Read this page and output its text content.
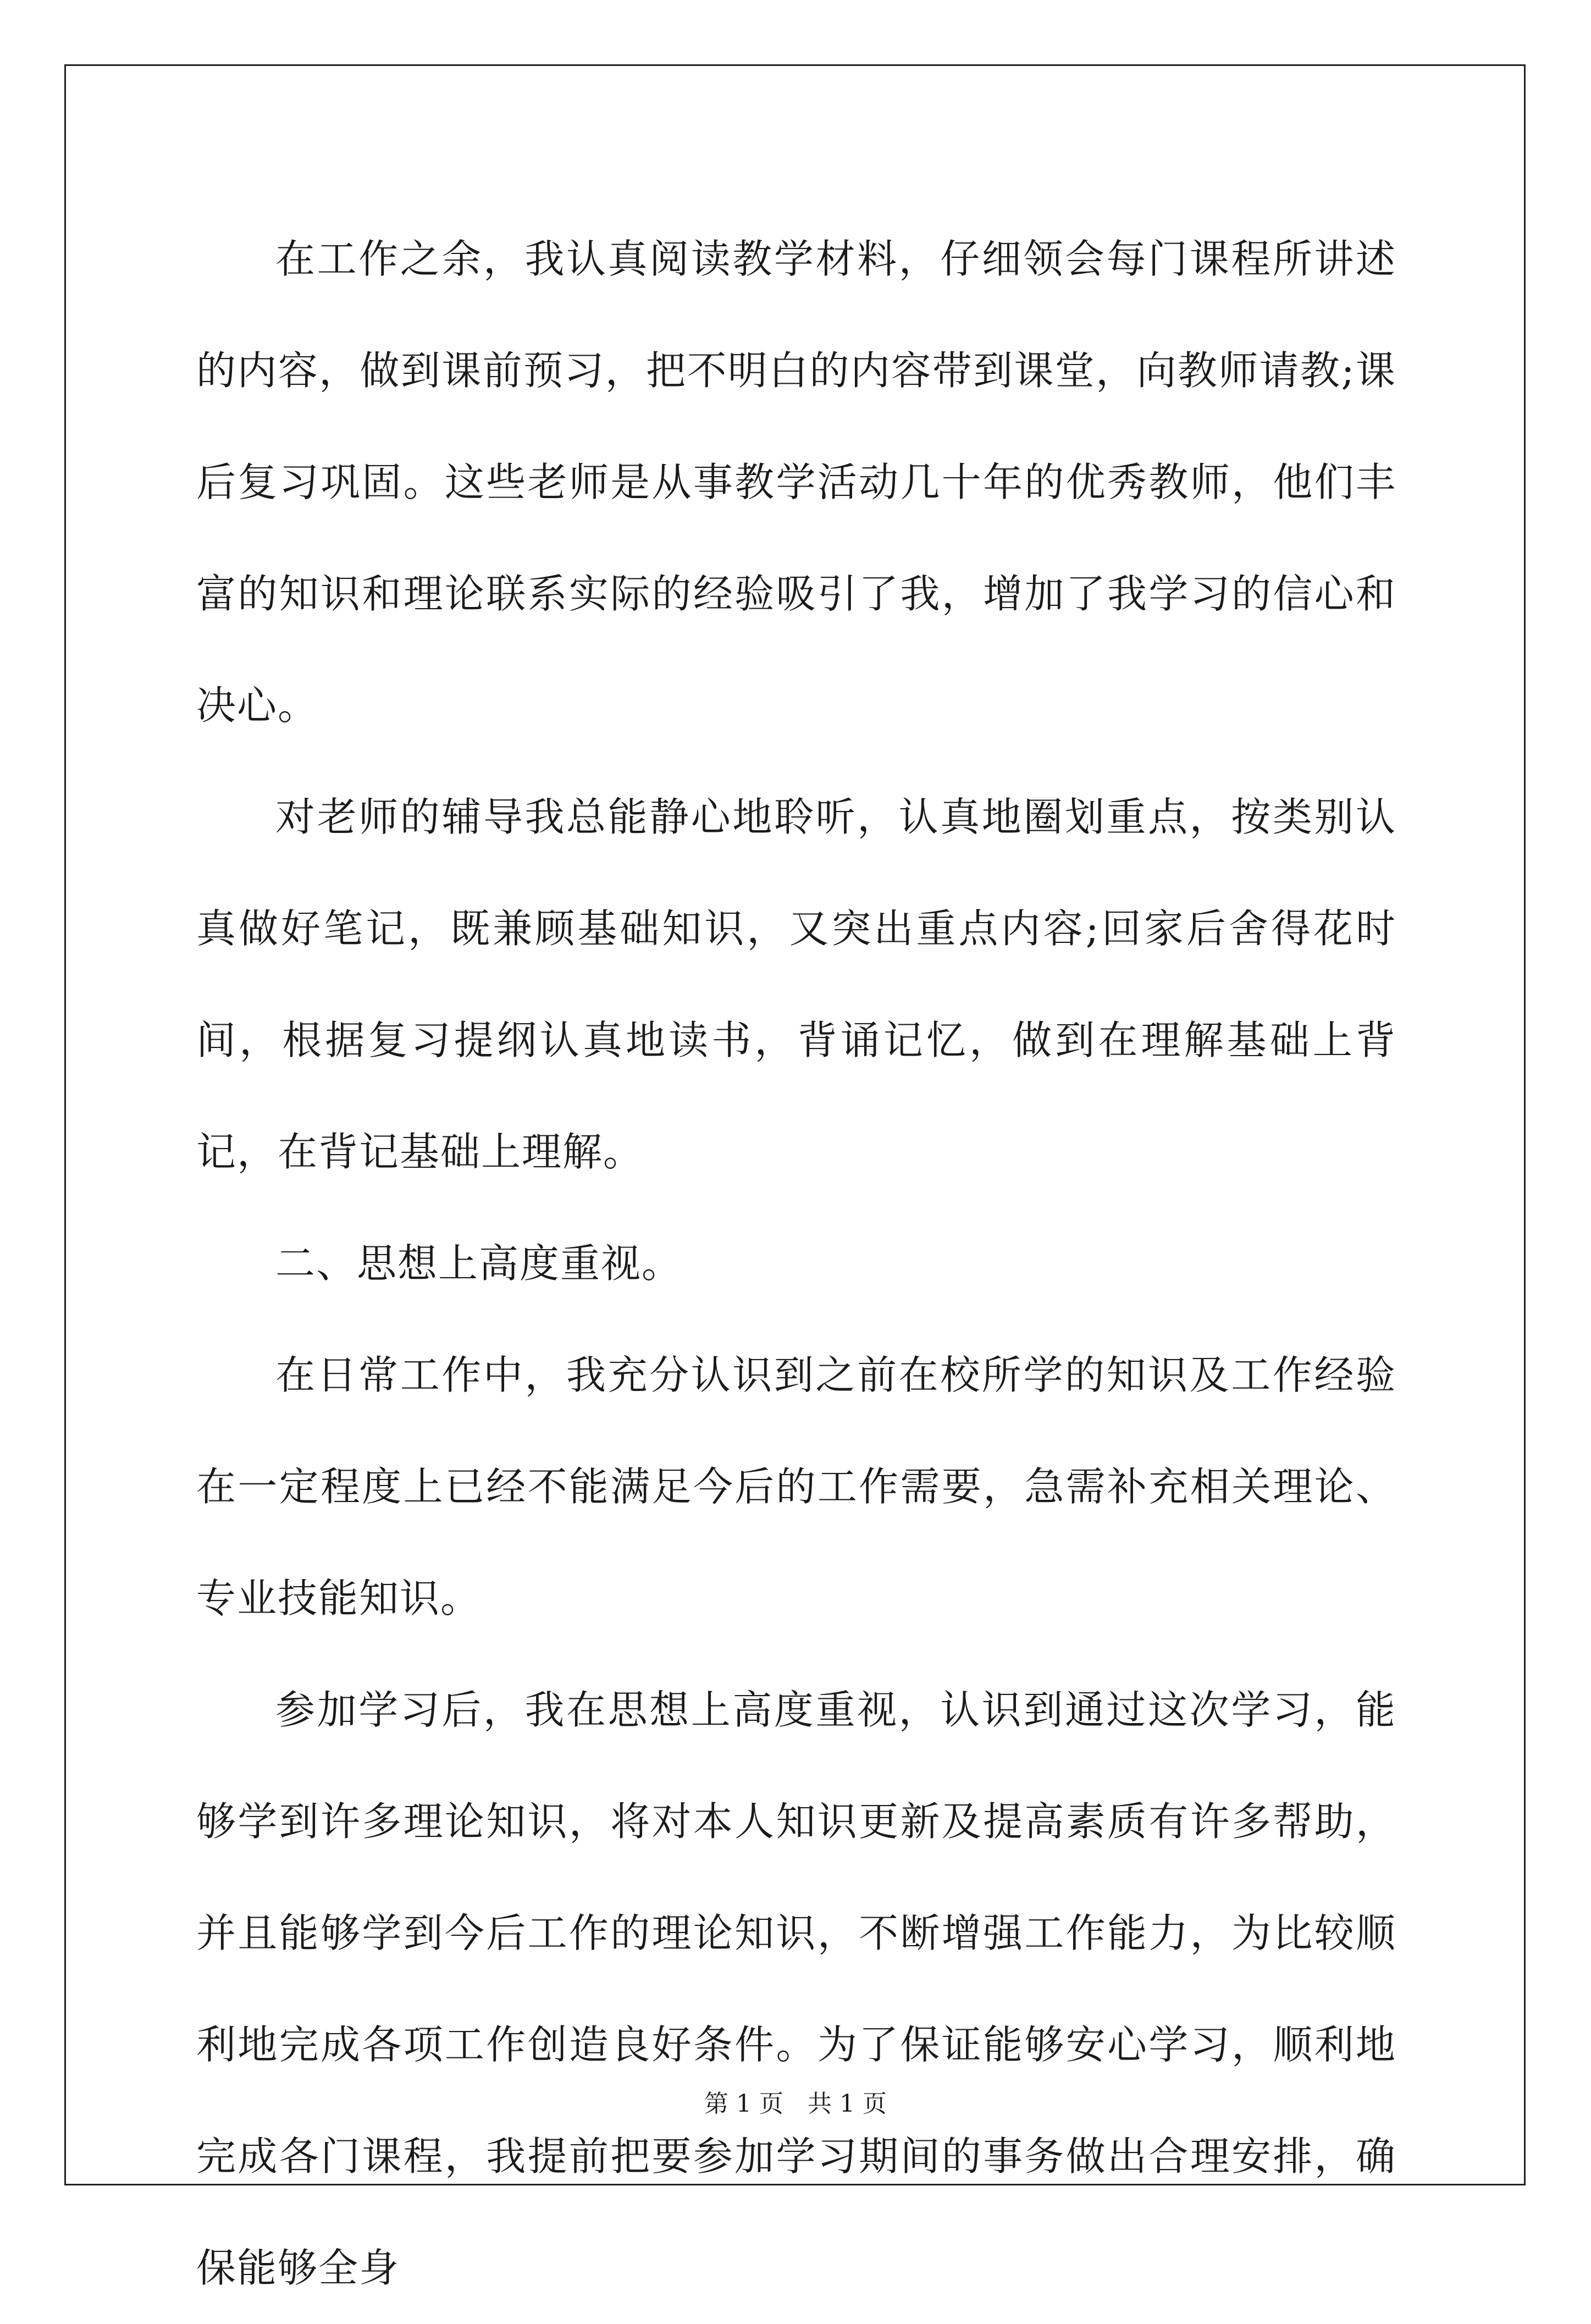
在工作之余，我认真阅读教学材料，仔细领会每门课程所讲述的内容，做到课前预习，把不明白的内容带到课堂，向教师请教;课后复习巩固。这些老师是从事教学活动几十年的优秀教师，他们丰富的知识和理论联系实际的经验吸引了我，增加了我学习的信心和决心。

对老师的辅导我总能静心地聆听，认真地圈划重点，按类别认真做好笔记，既兼顾基础知识，又突出重点内容;回家后舍得花时间，根据复习提纲认真地读书，背诵记忆，做到在理解基础上背记，在背记基础上理解。

二、思想上高度重视。

在日常工作中，我充分认识到之前在校所学的知识及工作经验在一定程度上已经不能满足今后的工作需要，急需补充相关理论、专业技能知识。

参加学习后，我在思想上高度重视，认识到通过这次学习，能够学到许多理论知识，将对本人知识更新及提高素质有许多帮助，并且能够学到今后工作的理论知识，不断增强工作能力，为比较顺利地完成各项工作创造良好条件。为了保证能够安心学习，顺利地完成各门课程，我提前把要参加学习期间的事务做出合理安排，确保能够全身

第 1 页　共 1 页
